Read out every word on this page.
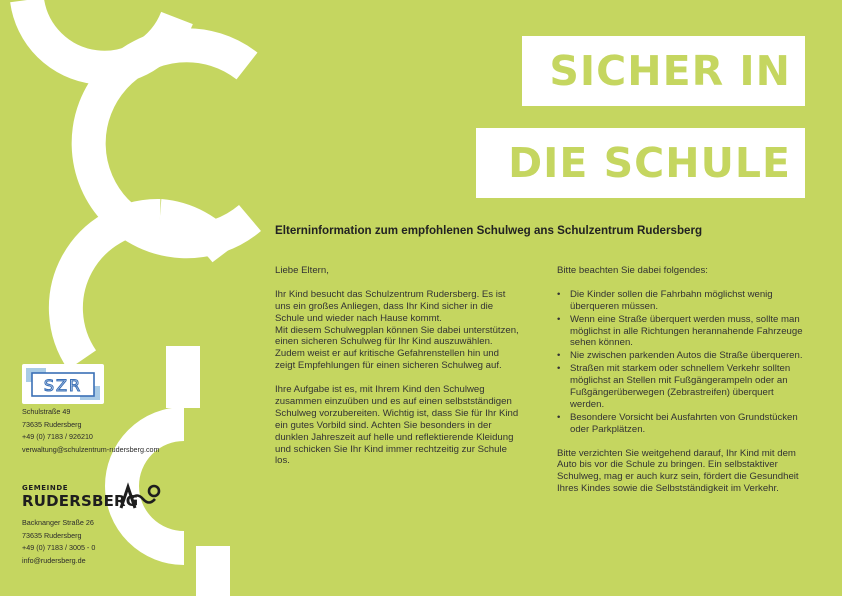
SICHER IN
DIE SCHULE
Elterninformation zum empfohlenen Schulweg ans Schulzentrum Rudersberg

Liebe Eltern,

Ihr Kind besucht das Schulzentrum Rudersberg. Es ist uns ein großes Anliegen, dass Ihr Kind sicher in die Schule und wieder nach Hause kommt.

Mit diesem Schulwegplan können Sie dabei unterstützen, einen sicheren Schulweg für Ihr Kind auszuwählen. Zudem weist er auf kritische Gefahrenstellen hin und zeigt Empfehlungen für einen sicheren Schulweg auf.

Ihre Aufgabe ist es, mit Ihrem Kind den Schulweg zusammen einzuüben und es auf einen selbstständigen Schulweg vorzubereiten. Wichtig ist, dass Sie für Ihr Kind ein gutes Vorbild sind. Achten Sie besonders in der dunklen Jahreszeit auf helle und reflektierende Kleidung und schicken Sie Ihr Kind immer rechtzeitig zur Schule los.

Bitte beachten Sie dabei folgendes:

• Die Kinder sollen die Fahrbahn möglichst wenig überqueren müssen.
• Wenn eine Straße überquert werden muss, sollte man möglichst in alle Richtungen herannahende Fahrzeuge sehen können.
• Nie zwischen parkenden Autos die Straße überqueren.
• Straßen mit starkem oder schnellem Verkehr sollten möglichst an Stellen mit Fußgängerampeln oder an Fußgängerüberwegen (Zebrastreifen) überquert werden.
• Besondere Vorsicht bei Ausfahrten von Grundstücken oder Parkplätzen.

Bitte verzichten Sie weitgehend darauf, Ihr Kind mit dem Auto bis vor die Schule zu bringen. Ein selbstaktiver Schulweg, mag er auch kurz sein, fördert die Gesundheit Ihres Kindes sowie die Selbstständigkeit im Verkehr.

SZR
Schulstraße 49
73635 Rudersberg
+49 (0) 7183 / 926210
verwaltung@schulzentrum-rudersberg.com
GEMEINDE
RUDERSBERG
Backnanger Straße 26
73635 Rudersberg
+49 (0) 7183 / 3005 - 0
info@rudersberg.de
